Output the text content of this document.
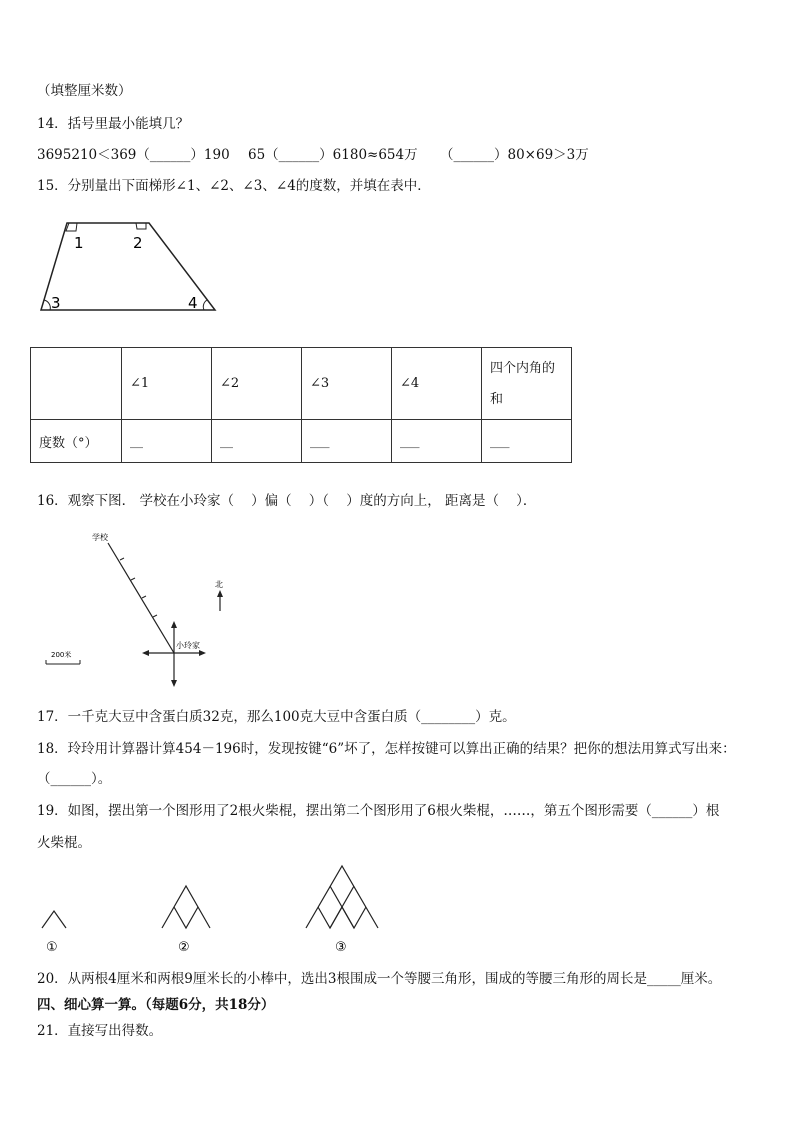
（填整厘米数）
14．括号里最小能填几？
3695210＜369（______）190 65（______）6180≈654万 （______）80×69＞3万
15．分别量出下面梯形∠1、∠2、∠3、∠4的度数，并填在表中．
1	2
3	4
	∠1	∠2	∠3	∠4	四个内角的
和
度数（°）	__	__	___	___	___
16．观察下图． 学校在小玲家（    ）偏（    ）（    ）度的方向上， 距离是（    ）．
学校
小玲家
北
200米
17．一千克大豆中含蛋白质32克，那么100克大豆中含蛋白质（________）克。
18．玲玲用计算器计算454－196时，发现按键“6”坏了，怎样按键可以算出正确的结果？把你的想法用算式写出来：
（______）。
19．如图，摆出第一个图形用了2根火柴棍，摆出第二个图形用了6根火柴棍，……，第五个图形需要（______）根
火柴棍。
①	②	③
20．从两根4厘米和两根9厘米长的小棒中，选出3根围成一个等腰三角形，围成的等腰三角形的周长是_____厘米。
四、细心算一算。（每题6分，共18分）
21．直接写出得数。
